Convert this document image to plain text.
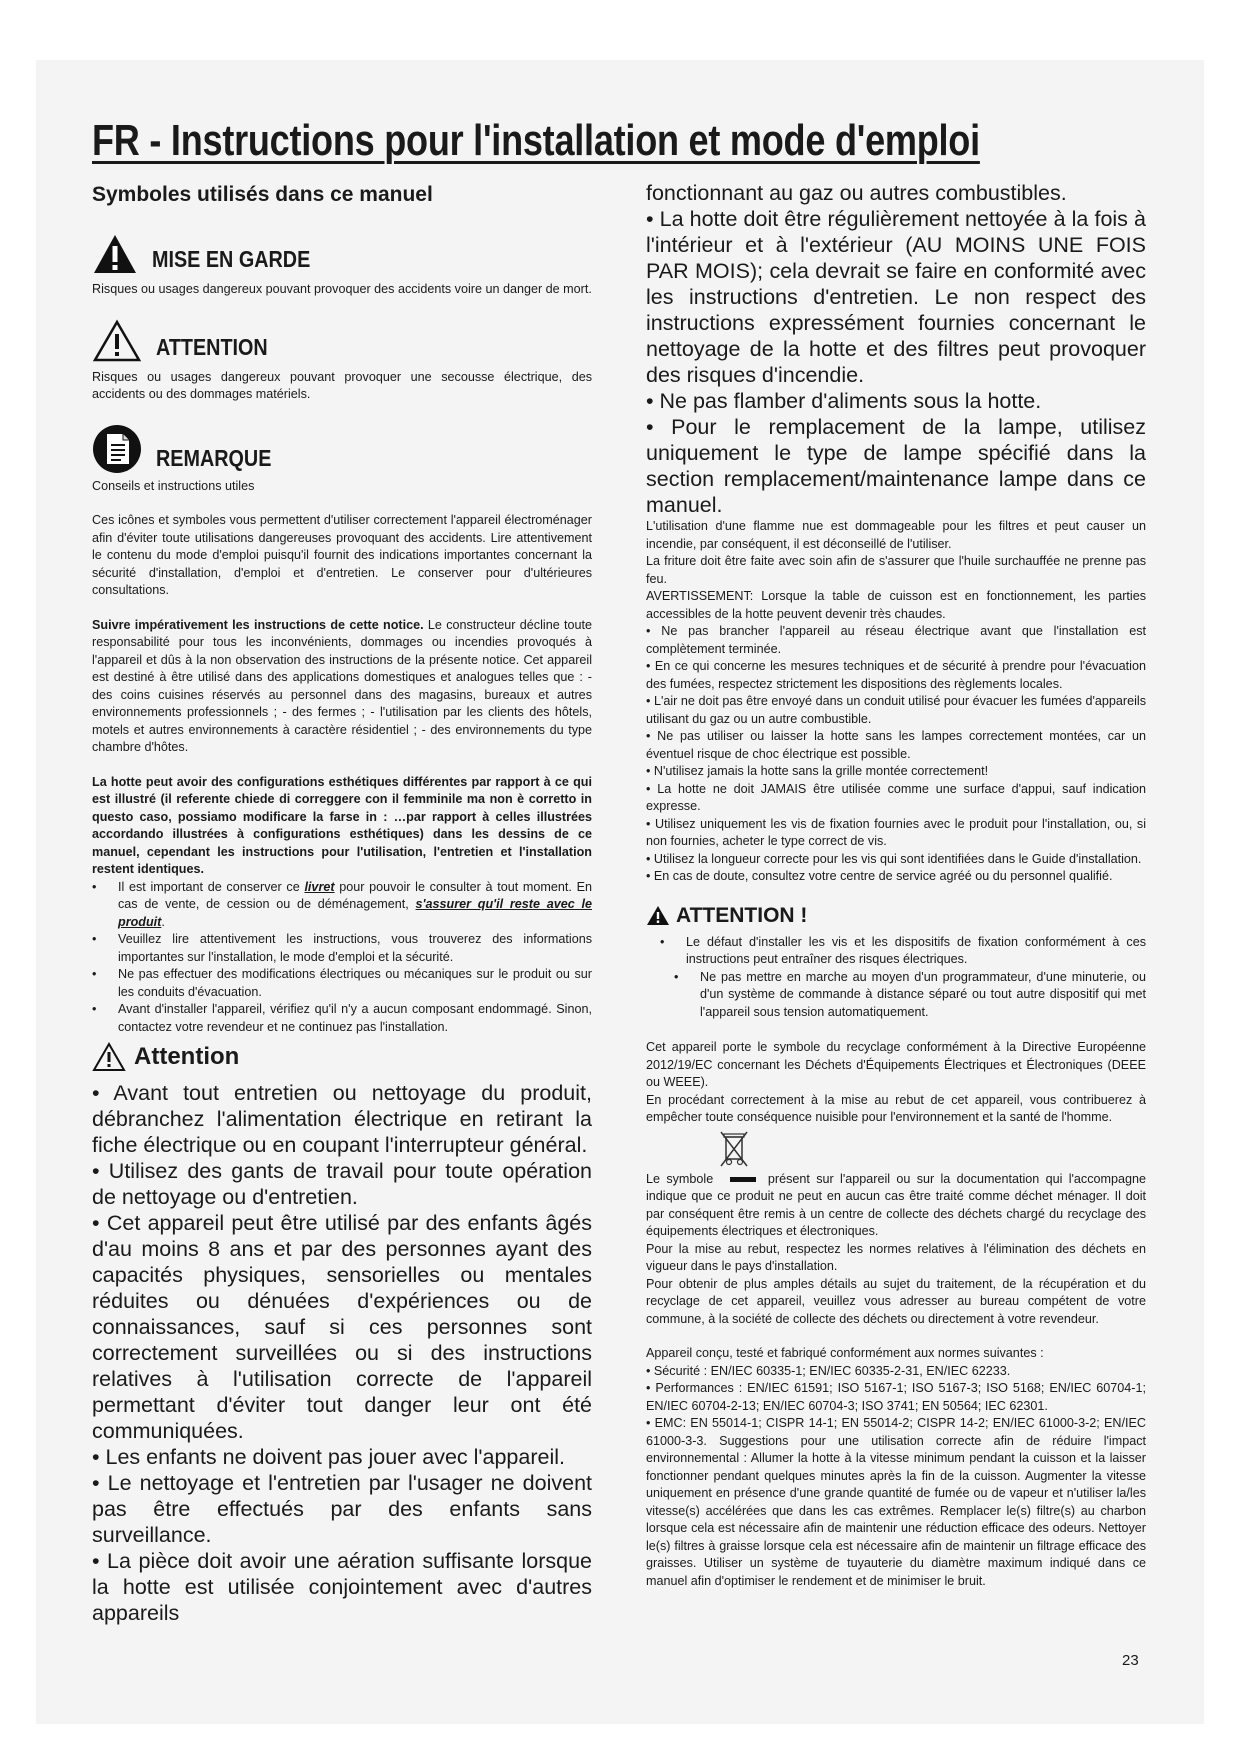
FR - Instructions pour l'installation et mode d'emploi
Symboles utilisés dans ce manuel
MISE EN GARDE
Risques ou usages dangereux pouvant provoquer des accidents voire un danger de mort.
ATTENTION
Risques ou usages dangereux pouvant provoquer une secousse électrique, des accidents ou des dommages matériels.
REMARQUE
Conseils et instructions utiles
Ces icônes et symboles vous permettent d'utiliser correctement l'appareil électroménager afin d'éviter toute utilisations dangereuses provoquant des accidents. Lire attentivement le contenu du mode d'emploi puisqu'il fournit des indications importantes concernant la sécurité d'installation, d'emploi et d'entretien. Le conserver pour d'ultérieures consultations.
Suivre impérativement les instructions de cette notice. Le constructeur décline toute responsabilité pour tous les inconvénients, dommages ou incendies provoqués à l'appareil et dûs à la non observation des instructions de la présente notice. Cet appareil est destiné à être utilisé dans des applications domestiques et analogues telles que : - des coins cuisines réservés au personnel dans des magasins, bureaux et autres environnements professionnels ; - des fermes ; - l'utilisation par les clients des hôtels, motels et autres environnements à caractère résidentiel ; - des environnements du type chambre d'hôtes.
La hotte peut avoir des configurations esthétiques différentes par rapport à ce qui est illustré (il referente chiede di correggere con il femminile ma non è corretto in questo caso, possiamo modificare la farse in : …par rapport à celles illustrées accordando illustrées à configurations esthétiques) dans les dessins de ce manuel, cependant les instructions pour l'utilisation, l'entretien et l'installation restent identiques.
• Il est important de conserver ce livret pour pouvoir le consulter à tout moment. En cas de vente, de cession ou de déménagement, s'assurer qu'il reste avec le produit.
• Veuillez lire attentivement les instructions, vous trouverez des informations importantes sur l'installation, le mode d'emploi et la sécurité.
• Ne pas effectuer des modifications électriques ou mécaniques sur le produit ou sur les conduits d'évacuation.
• Avant d'installer l'appareil, vérifiez qu'il n'y a aucun composant endommagé. Sinon, contactez votre revendeur et ne continuez pas l'installation.
Attention

• Avant tout entretien ou nettoyage du produit, débranchez l'alimentation électrique en retirant la fiche électrique ou en coupant l'interrupteur général.

• Utilisez des gants de travail pour toute opération de nettoyage ou d'entretien.

• Cet appareil peut être utilisé par des enfants âgés d'au moins 8 ans et par des personnes ayant des capacités physiques, sensorielles ou mentales réduites ou dénuées d'expériences ou de connaissances, sauf si ces personnes sont correctement surveillées ou si des instructions relatives à l'utilisation correcte de l'appareil permettant d'éviter tout danger leur ont été communiquées.

• Les enfants ne doivent pas jouer avec l'appareil.

• Le nettoyage et l'entretien par l'usager ne doivent pas être effectués par des enfants sans surveillance.

• La pièce doit avoir une aération suffisante lorsque la hotte est utilisée conjointement avec d'autres appareils

fonctionnant au gaz ou autres combustibles.

• La hotte doit être régulièrement nettoyée à la fois à l'intérieur et à l'extérieur (AU MOINS UNE FOIS PAR MOIS); cela devrait se faire en conformité avec les instructions d'entretien. Le non respect des instructions expressément fournies concernant le nettoyage de la hotte et des filtres peut provoquer des risques d'incendie.

• Ne pas flamber d'aliments sous la hotte.

• Pour le remplacement de la lampe, utilisez uniquement le type de lampe spécifié dans la section remplacement/maintenance lampe dans ce manuel.

L'utilisation d'une flamme nue est dommageable pour les filtres et peut causer un incendie, par conséquent, il est déconseillé de l'utiliser.

La friture doit être faite avec soin afin de s'assurer que l'huile surchauffée ne prenne pas feu.

AVERTISSEMENT: Lorsque la table de cuisson est en fonctionnement, les parties accessibles de la hotte peuvent devenir très chaudes.

• Ne pas brancher l'appareil au réseau électrique avant que l'installation est complètement terminée.

• En ce qui concerne les mesures techniques et de sécurité à prendre pour l'évacuation des fumées, respectez strictement les dispositions des règlements locales.

• L'air ne doit pas être envoyé dans un conduit utilisé pour évacuer les fumées d'appareils utilisant du gaz ou un autre combustible.

• Ne pas utiliser ou laisser la hotte sans les lampes correctement montées, car un éventuel risque de choc électrique est possible.

• N'utilisez jamais la hotte sans la grille montée correctement!

• La hotte ne doit JAMAIS être utilisée comme une surface d'appui, sauf indication expresse.

• Utilisez uniquement les vis de fixation fournies avec le produit pour l'installation, ou, si non fournies, acheter le type correct de vis.

• Utilisez la longueur correcte pour les vis qui sont identifiées dans le Guide d'installation.

• En cas de doute, consultez votre centre de service agréé ou du personnel qualifié.

ATTENTION !
• Le défaut d'installer les vis et les dispositifs de fixation conformément à ces instructions peut entraîner des risques électriques.
• Ne pas mettre en marche au moyen d'un programmateur, d'une minuterie, ou d'un système de commande à distance séparé ou tout autre dispositif qui met l'appareil sous tension automatiquement.

Cet appareil porte le symbole du recyclage conformément à la Directive Européenne 2012/19/EC concernant les Déchets d'Équipements Électriques et Électroniques (DEEE ou WEEE).

En procédant correctement à la mise au rebut de cet appareil, vous contribuerez à empêcher toute conséquence nuisible pour l'environnement et la santé de l'homme.

Le symbole	présent sur l'appareil ou sur la documentation qui l'accompagne indique que ce produit ne peut en aucun cas être traité comme déchet ménager. Il doit par conséquent être remis à un centre de collecte des déchets chargé du recyclage des équipements électriques et électroniques.

Pour la mise au rebut, respectez les normes relatives à l'élimination des déchets en vigueur dans le pays d'installation.

Pour obtenir de plus amples détails au sujet du traitement, de la récupération et du recyclage de cet appareil, veuillez vous adresser au bureau compétent de votre commune, à la société de collecte des déchets ou directement à votre revendeur.

Appareil conçu, testé et fabriqué conformément aux normes suivantes :

• Sécurité : EN/IEC 60335-1; EN/IEC 60335-2-31, EN/IEC 62233.

• Performances : EN/IEC 61591; ISO 5167-1; ISO 5167-3; ISO 5168; EN/IEC 60704-1; EN/IEC 60704-2-13; EN/IEC 60704-3; ISO 3741; EN 50564; IEC 62301.

• EMC: EN 55014-1; CISPR 14-1; EN 55014-2; CISPR 14-2; EN/IEC 61000-3-2; EN/IEC 61000-3-3. Suggestions pour une utilisation correcte afin de réduire l'impact environnemental : Allumer la hotte à la vitesse minimum pendant la cuisson et la laisser fonctionner pendant quelques minutes après la fin de la cuisson. Augmenter la vitesse uniquement en présence d'une grande quantité de fumée ou de vapeur et n'utiliser la/les vitesse(s) accélérées que dans les cas extrêmes. Remplacer le(s) filtre(s) au charbon lorsque cela est nécessaire afin de maintenir une réduction efficace des odeurs. Nettoyer le(s) filtres à graisse lorsque cela est nécessaire afin de maintenir un filtrage efficace des graisses. Utiliser un système de tuyauterie du diamètre maximum indiqué dans ce manuel afin d'optimiser le rendement et de minimiser le bruit.

23
